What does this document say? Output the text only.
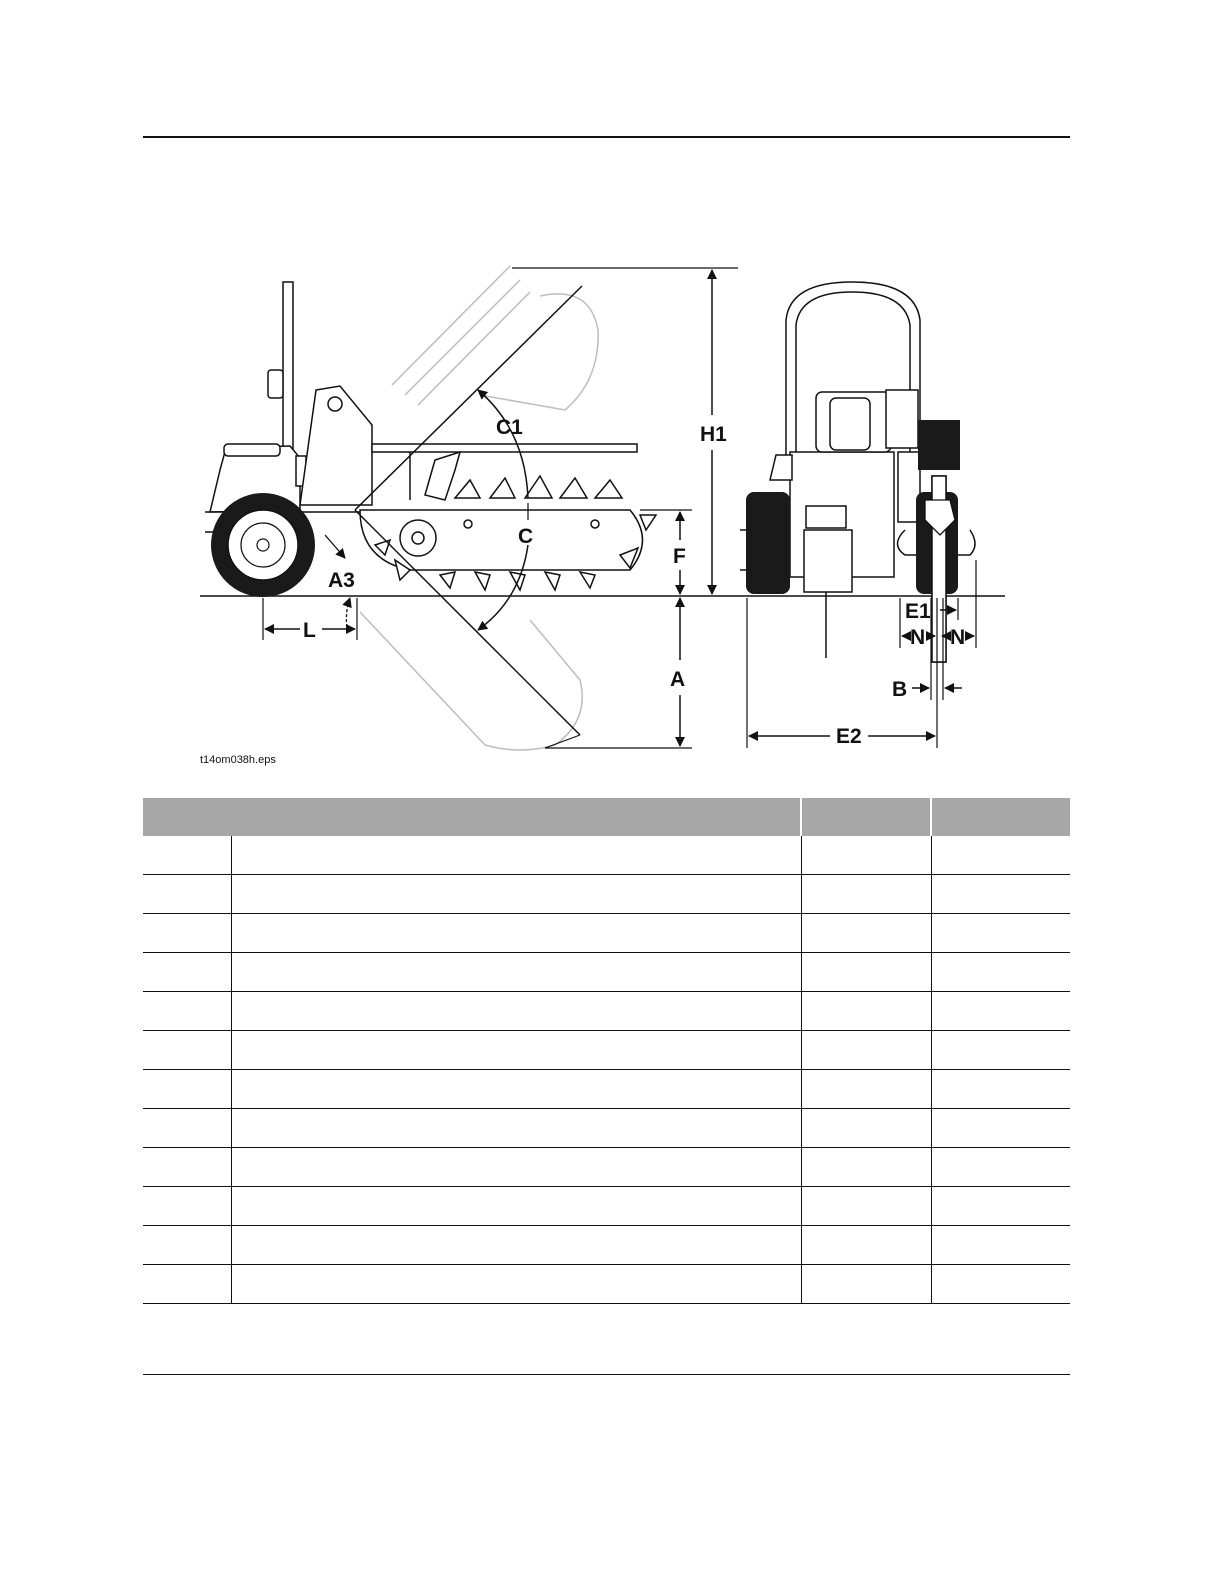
H1
C1
C
F
A3
L
A
E1
N N
B
E2
t14om038h.eps
